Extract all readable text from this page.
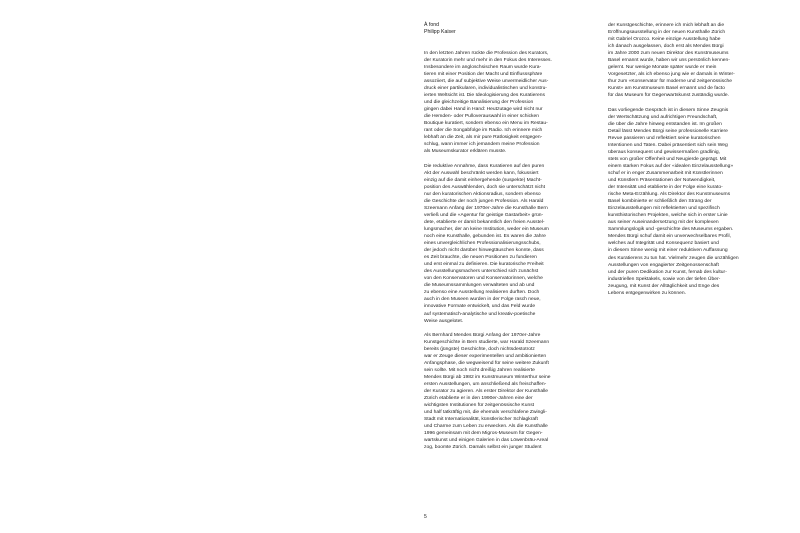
À fond
Philipp Kaiser

In den letzten Jahren rückte die Profession des Kurators,
der Kuratorin mehr und mehr in den Fokus des Interesses.
Insbesondere im angloschsischen Raum wurde Kura-
tieren mit einer Position der Macht und Einflusssphäre
assoziiert, die auf subjektive Weise unvermeidlicher Aus-
druck einer partikularen, individualistischen und konstru-
ierten Weltsicht ist. Die Ideologisierung des Kuratierens
und die gleichzeitige Banalisierung der Profession
gingen dabei Hand in Hand: Heutzutage wird nicht nur
die Hemden- oder Pulloverauswahl in einer schicken
Boutique kuratiert, sondern ebenso ein Menu im Restau-
rant oder die Songabfolge im Radio. Ich erinnere mich
lebhaft an die Zeit, als mir pure Ratlosigkeit entgegen-
schlug, wann immer ich jemandem meine Profession
als Museumskurator erklären musste.

Die reduktive Annahme, dass Kuratieren auf den puren
Akt der Auswahl beschränkt werden kann, fokussiert
einzig auf die damit einhergehende (suspekte) Macht-
position des Auswählenden, doch sie unterschätzt nicht
nur den kuratorischen Aktionsradius, sondern ebenso
die Geschichte der noch jungen Profession. Als Harald
Szeemann Anfang der 1970er-Jahre die Kunsthalle Bern
verließ und die «Agentur für geistige Gastarbeit» grün-
dete, etablierte er damit bekanntlich den freien Ausstel-
lungsmacher, der an keine Institution, weder ein Museum
noch eine Kunsthalle, gebunden ist. Es waren die Jahre
eines unvergleichlichen Professionalisierungsschubs,
der jedoch nicht darüber hinwegtäuschen konnte, dass
es Zeit brauchte, die neuen Positionen zu fundieren
und erst einmal zu definieren. Die kuratorische Freiheit
des Ausstellungsmachers unterschied sich zunächst
von den Konservatoren und Konservatorinnen, welche
die Museumssammlungen verwalteten und ab und
zu ebenso eine Ausstellung realisieren durften. Doch
auch in den Museen wurden in der Folge rasch neue,
innovative Formate entwickelt, und das Feld wurde
auf systematisch-analytische und kreativ-poetische
Weise ausgelotet.

Als Bernhard Mendes Bürgi Anfang der 1970er-Jahre
Kunstgeschichte in Bern studierte, war Harald Szeemann
bereits (jüngste) Geschichte, doch nichtsdestotrotz
war er Zeuge dieser experimentellen und ambitionierten
Anfangsphase, die wegweisend für seine weitere Zukunft
sein sollte. Mit noch nicht dreißig Jahren realisierte
Mendes Bürgi ab 1982 im Kunstmuseum Winterthur seine
ersten Ausstellungen, um anschließend als freischaffen-
der Kurator zu agieren. Als erster Direktor der Kunsthalle
Zürich etablierte er in den 1990er-Jahren eine der
wichtigsten Institutionen für zeitgenössische Kunst
und half tatkräftig mit, die ehemals verschlafene Zwingli-
Stadt mit Internationalität, künstlerischer Schlagkraft
und Charme zum Leben zu erwecken. Als die Kunsthalle
1996 gemeinsam mit dem Migros-Museum für Gegen-
wartskunst und einigen Galerien in das Löwenbräu-Areal
zog, boomte Zürich. Damals selbst ein junger Student

der Kunstgeschichte, erinnere ich mich lebhaft an die
Eröffnungsausstellung in der neuen Kunsthalle Zürich
mit Gabriel Orozco. Keine einzige Ausstellung habe
ich danach ausgelassen, doch erst als Mendes Bürgi
im Jahre 2000 zum neuen Direktor des Kunstmuseums
Basel ernannt wurde, haben wir uns persönlich kennen-
gelernt. Nur wenige Monate später wurde er mein
Vorgesetzter, als ich ebenso jung wie er damals in Winter-
thur zum «Konservator für moderne und zeitgenössische
Kunst» am Kunstmuseum Basel ernannt und de facto
für das Museum für Gegenwartskunst zuständig wurde.

Das vorliegende Gespräch ist in diesem Sinne Zeugnis
der Wertschätzung und aufrichtigen Freundschaft,
die über die Jahre hinweg entstanden ist. Im großen
Detail lässt Mendes Bürgi seine professionelle Karriere
Revue passieren und reflektiert seine kuratorischen
Intentionen und Taten. Dabei präsentiert sich sein Weg
überaus konsequent und gewissermaßen gradlinig,
stets von großer Offenheit und Neugierde geprägt. Mit
einem starken Fokus auf der «idealen Einzelausstellung»
schuf er in enger Zusammenarbeit mit Künstlerinnen
und Künstlern Präsentationen der Notwendigkeit,
der Intensität und etablierte in der Folge eine kurato-
rische Meta-Erzählung. Als Direktor des Kunstmuseums
Basel kombinierte er schließlich den Strang der
Einzelausstellungen mit reflektierten und spezifisch
kunsthistorischen Projekten, welche sich in erster Linie
aus seiner Auseinandersetzung mit der komplexen
Sammlungslogik und -geschichte des Museums ergaben.
Mendes Bürgi schuf damit ein unverwechselbares Profil,
welches auf Integrität und Konsequenz basiert und
in diesem Sinne wenig mit einer reduktiven Auffassung
des Kuratierens zu tun hat. Vielmehr zeugen die unzähligen
Ausstellungen von engagierter Zeitgenossenschaft
und der puren Dedikation zur Kunst, fernab des kultur-
industriellen Spektakels, sowie von der tiefen Über-
zeugung, mit Kunst der Alltäglichkeit und Enge des
Lebens entgegenwirken zu können.

5
